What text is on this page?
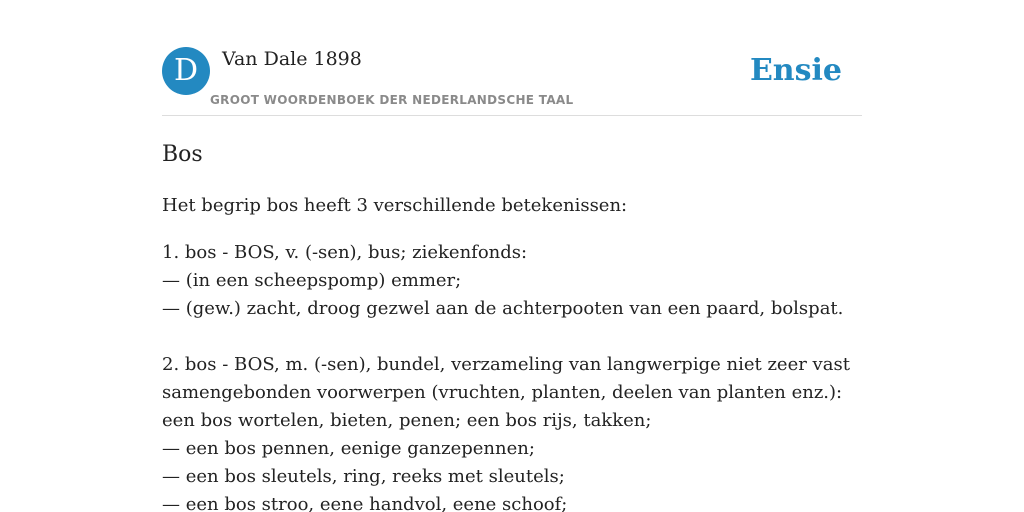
D	Van Dale 1898
GROOT WOORDENBOEK DER NEDERLANDSCHE TAAL
Ensie
Bos

Het begrip bos heeft 3 verschillende betekenissen:

1. bos - BOS, v. (-sen), bus; ziekenfonds:
— (in een scheepspomp) emmer;
— (gew.) zacht, droog gezwel aan de achterpooten van een paard, bolspat.

2. bos - BOS, m. (-sen), bundel, verzameling van langwerpige niet zeer vast samengebonden voorwerpen (vruchten, planten, deelen van planten enz.): een bos wortelen, bieten, penen; een bos rijs, takken;
— een bos pennen, eenige ganzepennen;
— een bos sleutels, ring, reeks met sleutels;
— een bos stroo, eene handvol, eene schoof;
